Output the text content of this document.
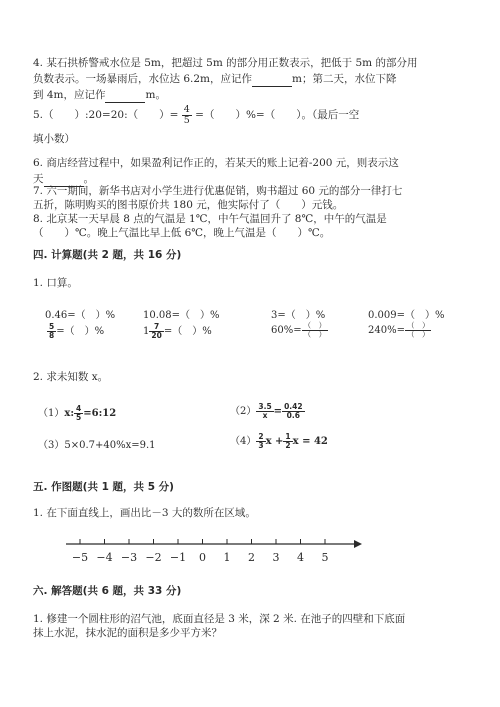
4. 某石拱桥警戒水位是 5m，把超过 5m 的部分用正数表示，把低于 5m 的部分用
负数表示。一场暴雨后，水位达 6.2m，应记作	m；第二天，水位下降
到 4m，应记作	m。
5.（　　）:20=20:（　　）= $\frac{4}{5}$ =（　　）%=（　　）。（最后一空
填小数）
6. 商店经营过程中，如果盈利记作正的，若某天的账上记着-200 元，则表示这
天	。
7. 六一期间，新华书店对小学生进行优惠促销，购书超过 60 元的部分一律打七
五折，陈明购买的图书原价共 180 元，他实际付了（　　）元钱。
8. 北京某一天早晨 8 点的气温是 1℃，中午气温回升了 8℃，中午的气温是
（　　）℃。晚上气温比早上低 6℃，晚上气温是（　　）℃。
四. 计算题(共 2 题，共 16 分)
1. 口算。
0.46=（　）%	10.08=（　）%	3=（　）%	0.009=（　）%
$\frac{5}{8}$ =（　）%	$1 \frac{7}{20}$ =（　）%	$60\%= \frac{( )}{( )}$	$240\%= \frac{( )}{( )}$
2. 求未知数 x。
（1）x: $\frac{4}{5}$ =6:12	$(2) \frac{3.5}{x} = \frac{0.42}{0.6}$
（3）5×0.7+40%x=9.1	$(4) \frac{2}{3}$ $x + \frac{1}{2}$ x = 42
五. 作图题(共 1 题，共 5 分)
1. 在下面直线上，画出比－3 大的数所在区域。
−5 −4 −3 −2 −1 0 1 2 3 4 5
六. 解答题(共 6 题，共 33 分)
1. 修建一个圆柱形的沼气池，底面直径是 3 米，深 2 米. 在池子的四壁和下底面
抹上水泥，抹水泥的面积是多少平方米？
